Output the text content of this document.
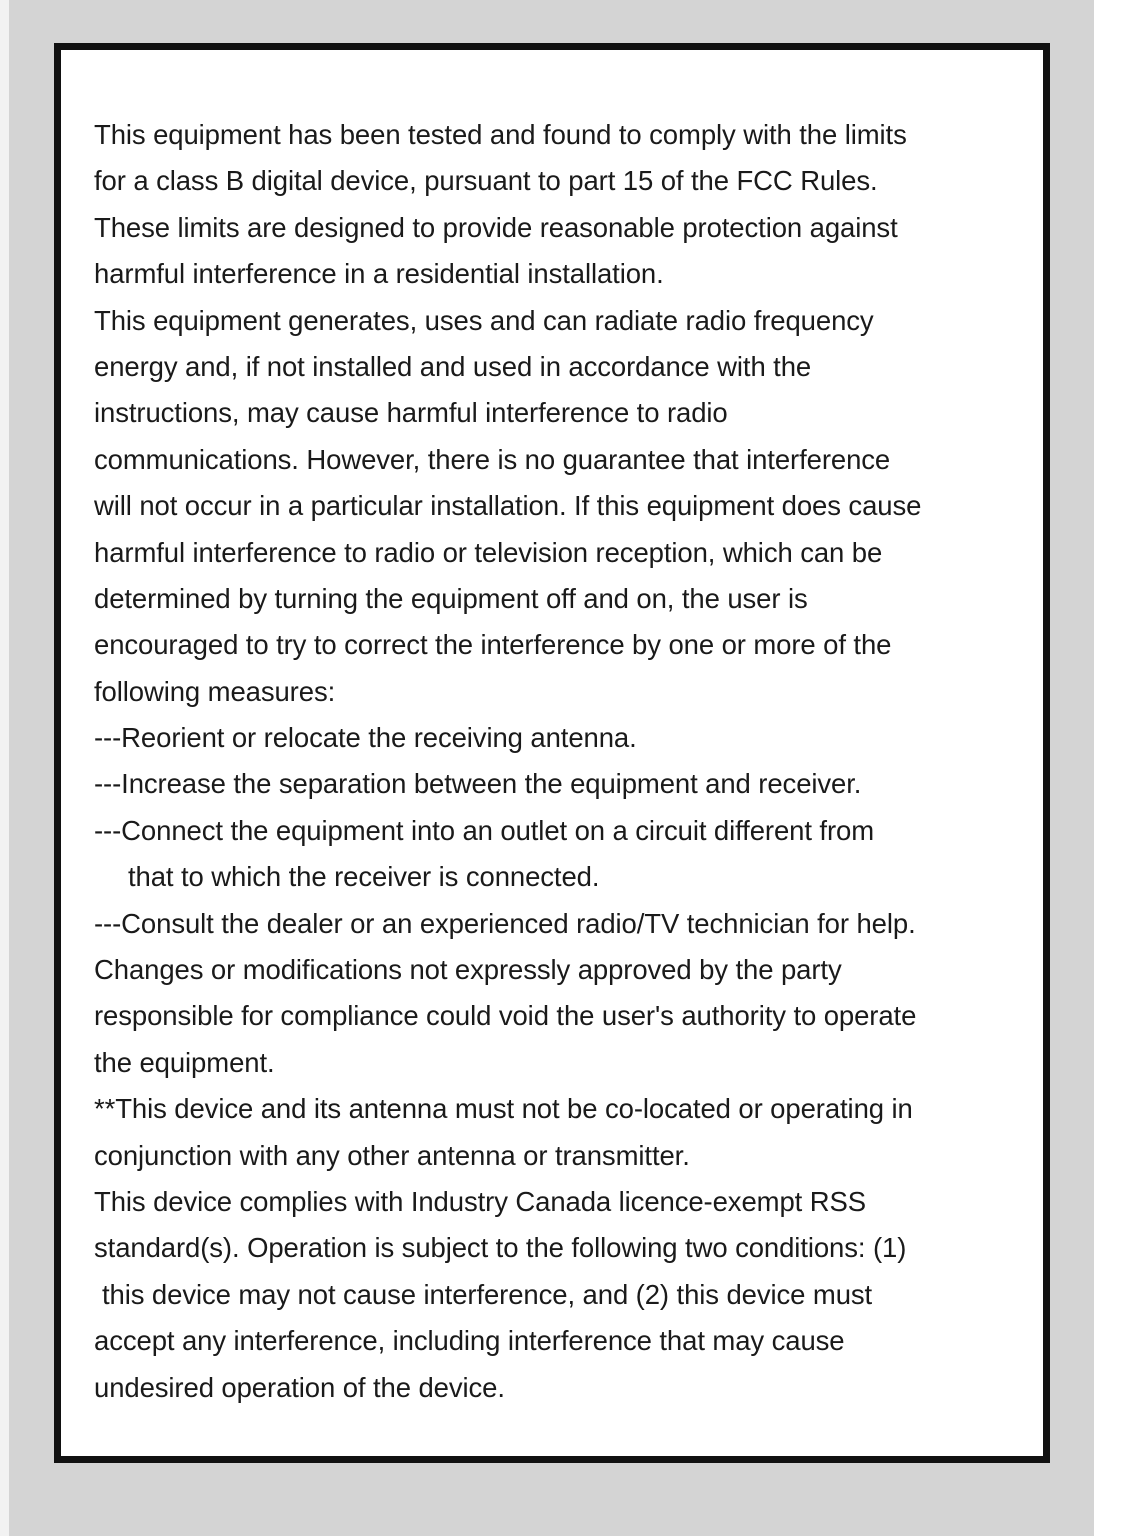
This equipment has been tested and found to comply with the limits
for a class B digital device, pursuant to part 15 of the FCC Rules.
These limits are designed to provide reasonable protection against
harmful interference in a residential installation.
This equipment generates, uses and can radiate radio frequency
energy and, if not installed and used in accordance with the
instructions, may cause harmful interference to radio
communications. However, there is no guarantee that interference
will not occur in a particular installation. If this equipment does cause
harmful interference to radio or television reception, which can be
determined by turning the equipment off and on, the user is
encouraged to try to correct the interference by one or more of the
following measures:
---Reorient or relocate the receiving antenna.
---Increase the separation between the equipment and receiver.
---Connect the equipment into an outlet on a circuit different from
that to which the receiver is connected.
---Consult the dealer or an experienced radio/TV technician for help.
Changes or modifications not expressly approved by the party
responsible for compliance could void the user's authority to operate
the equipment.
**This device and its antenna must not be co-located or operating in
conjunction with any other antenna or transmitter.
This device complies with Industry Canada licence-exempt RSS
standard(s). Operation is subject to the following two conditions: (1)
this device may not cause interference, and (2) this device must
accept any interference, including interference that may cause
undesired operation of the device.
